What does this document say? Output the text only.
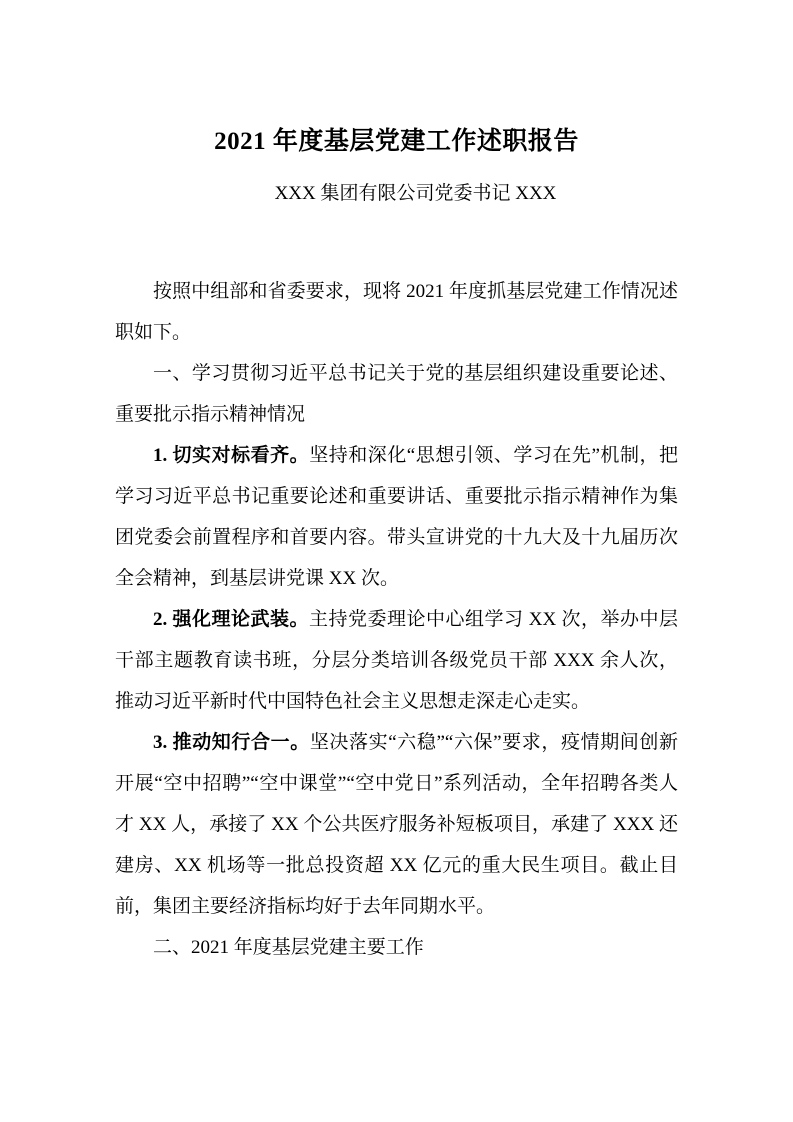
2021 年度基层党建工作述职报告
XXX 集团有限公司党委书记 XXX

按照中组部和省委要求，现将 2021 年度抓基层党建工作情况述职如下。

一、学习贯彻习近平总书记关于党的基层组织建设重要论述、重要批示指示精神情况

1. 切实对标看齐。坚持和深化“思想引领、学习在先”机制，把学习习近平总书记重要论述和重要讲话、重要批示指示精神作为集团党委会前置程序和首要内容。带头宣讲党的十九大及十九届历次全会精神，到基层讲党课 XX 次。

2. 强化理论武装。主持党委理论中心组学习 XX 次，举办中层干部主题教育读书班，分层分类培训各级党员干部 XXX 余人次，推动习近平新时代中国特色社会主义思想走深走心走实。

3. 推动知行合一。坚决落实“六稳”“六保”要求，疫情期间创新开展“空中招聘”“空中课堂”“空中党日”系列活动，全年招聘各类人才 XX 人，承接了 XX 个公共医疗服务补短板项目，承建了 XXX 还建房、XX 机场等一批总投资超 XX 亿元的重大民生项目。截止目前，集团主要经济指标均好于去年同期水平。

二、2021 年度基层党建主要工作
